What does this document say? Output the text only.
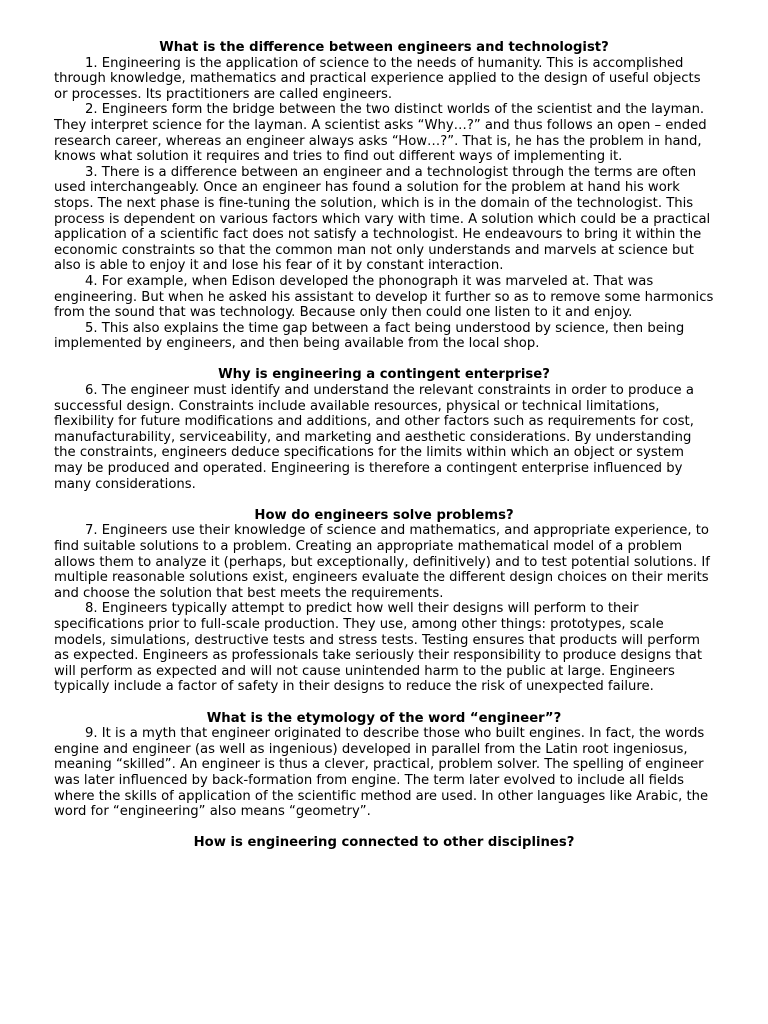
What is the difference between engineers and technologist?

1. Engineering is the application of science to the needs of humanity. This is accomplished through knowledge, mathematics and practical experience applied to the design of useful objects or processes. Its practitioners are called engineers.

2. Engineers form the bridge between the two distinct worlds of the scientist and the layman. They interpret science for the layman. A scientist asks “Why…?” and thus follows an open – ended research career, whereas an engineer always asks “How…?”. That is, he has the problem in hand, knows what solution it requires and tries to find out different ways of implementing it.

3. There is a difference between an engineer and a technologist through the terms are often used interchangeably. Once an engineer has found a solution for the problem at hand his work stops. The next phase is fine-tuning the solution, which is in the domain of the technologist. This process is dependent on various factors which vary with time. A solution which could be a practical application of a scientific fact does not satisfy a technologist. He endeavours to bring it within the economic constraints so that the common man not only understands and marvels at science but also is able to enjoy it and lose his fear of it by constant interaction.

4. For example, when Edison developed the phonograph it was marveled at. That was engineering. But when he asked his assistant to develop it further so as to remove some harmonics from the sound that was technology. Because only then could one listen to it and enjoy.

5. This also explains the time gap between a fact being understood by science, then being implemented by engineers, and then being available from the local shop.

Why is engineering a contingent enterprise?

6. The engineer must identify and understand the relevant constraints in order to produce a successful design. Constraints include available resources, physical or technical limitations, flexibility for future modifications and additions, and other factors such as requirements for cost, manufacturability, serviceability, and marketing and aesthetic considerations. By understanding the constraints, engineers deduce specifications for the limits within which an object or system may be produced and operated. Engineering is therefore a contingent enterprise influenced by many considerations.

How do engineers solve problems?

7. Engineers use their knowledge of science and mathematics, and appropriate experience, to find suitable solutions to a problem. Creating an appropriate mathematical model of a problem allows them to analyze it (perhaps, but exceptionally, definitively) and to test potential solutions. If multiple reasonable solutions exist, engineers evaluate the different design choices on their merits and choose the solution that best meets the requirements.

8. Engineers typically attempt to predict how well their designs will perform to their specifications prior to full-scale production. They use, among other things: prototypes, scale models, simulations, destructive tests and stress tests. Testing ensures that products will perform as expected. Engineers as professionals take seriously their responsibility to produce designs that will perform as expected and will not cause unintended harm to the public at large. Engineers typically include a factor of safety in their designs to reduce the risk of unexpected failure.

What is the etymology of the word “engineer”?

9. It is a myth that engineer originated to describe those who built engines. In fact, the words engine and engineer (as well as ingenious) developed in parallel from the Latin root ingeniosus, meaning “skilled”. An engineer is thus a clever, practical, problem solver. The spelling of engineer was later influenced by back-formation from engine. The term later evolved to include all fields where the skills of application of the scientific method are used. In other languages like Arabic, the word for “engineering” also means “geometry”.

How is engineering connected to other disciplines?
